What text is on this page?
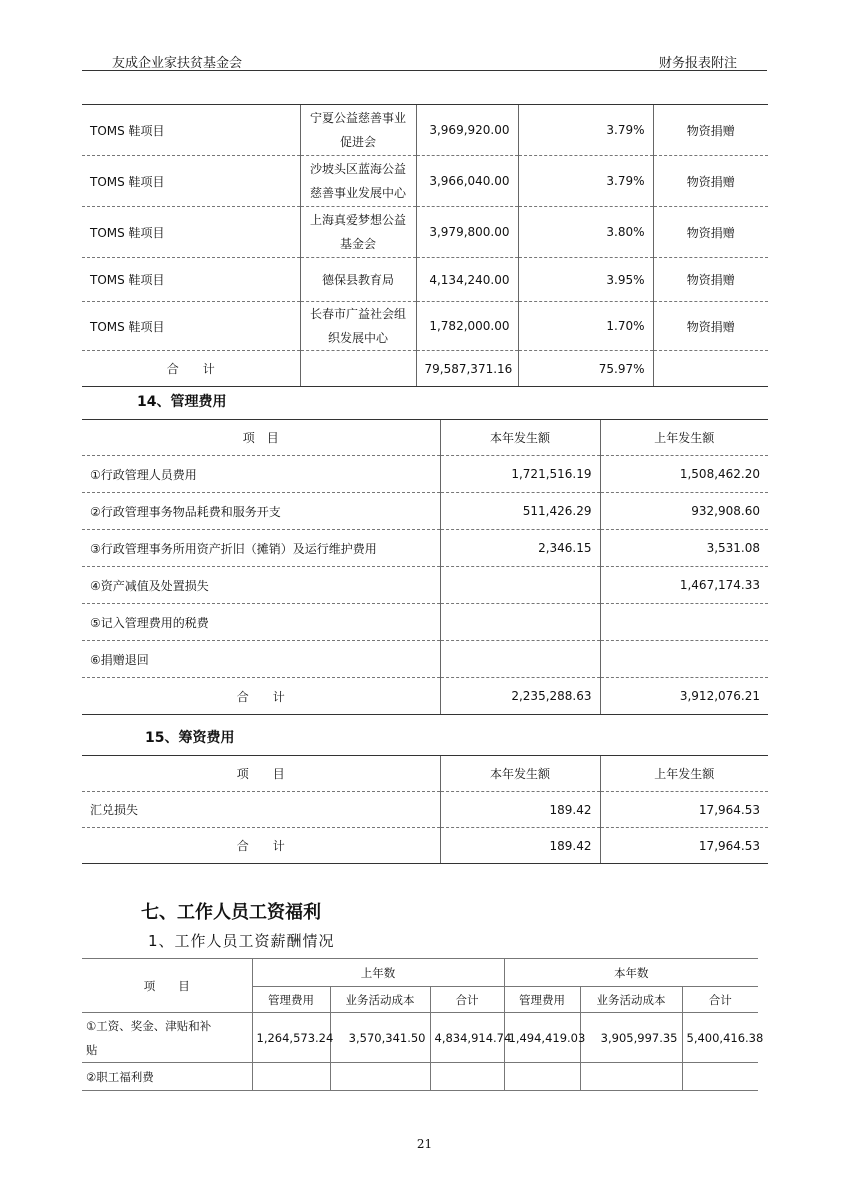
友成企业家扶贫基金会	财务报表附注
TOMS 鞋项目	宁夏公益慈善事业
促进会	3,969,920.00	3.79%	物资捐赠
TOMS 鞋项目	沙坡头区蓝海公益
慈善事业发展中心	3,966,040.00	3.79%	物资捐赠
TOMS 鞋项目	上海真爱梦想公益
基金会	3,979,800.00	3.80%	物资捐赠
TOMS 鞋项目	德保县教育局	4,134,240.00	3.95%	物资捐赠
TOMS 鞋项目	长春市广益社会组
织发展中心	1,782,000.00	1.70%	物资捐赠
合　　计		79,587,371.16	75.97%	
14、管理费用
项　目	本年发生额	上年发生额
①行政管理人员费用	1,721,516.19	1,508,462.20
②行政管理事务物品耗费和服务开支	511,426.29	932,908.60
③行政管理事务所用资产折旧（摊销）及运行维护费用	2,346.15	3,531.08
④资产减值及处置损失		1,467,174.33
⑤记入管理费用的税费		
⑥捐赠退回		
合　　计	2,235,288.63	3,912,076.21
15、筹资费用
项　　目	本年发生额	上年发生额
汇兑损失	189.42	17,964.53
合　　计	189.42	17,964.53
七、工作人员工资福利
1、工作人员工资薪酬情况
项　　目	上年数			本年数		
	管理费用	业务活动成本	合计	管理费用	业务活动成本	合计

①工资、奖金、津贴和补
贴	1,264,573.24	3,570,341.50	4,834,914.74	1,494,419.03	3,905,997.35	5,400,416.38

②职工福利费						

21
